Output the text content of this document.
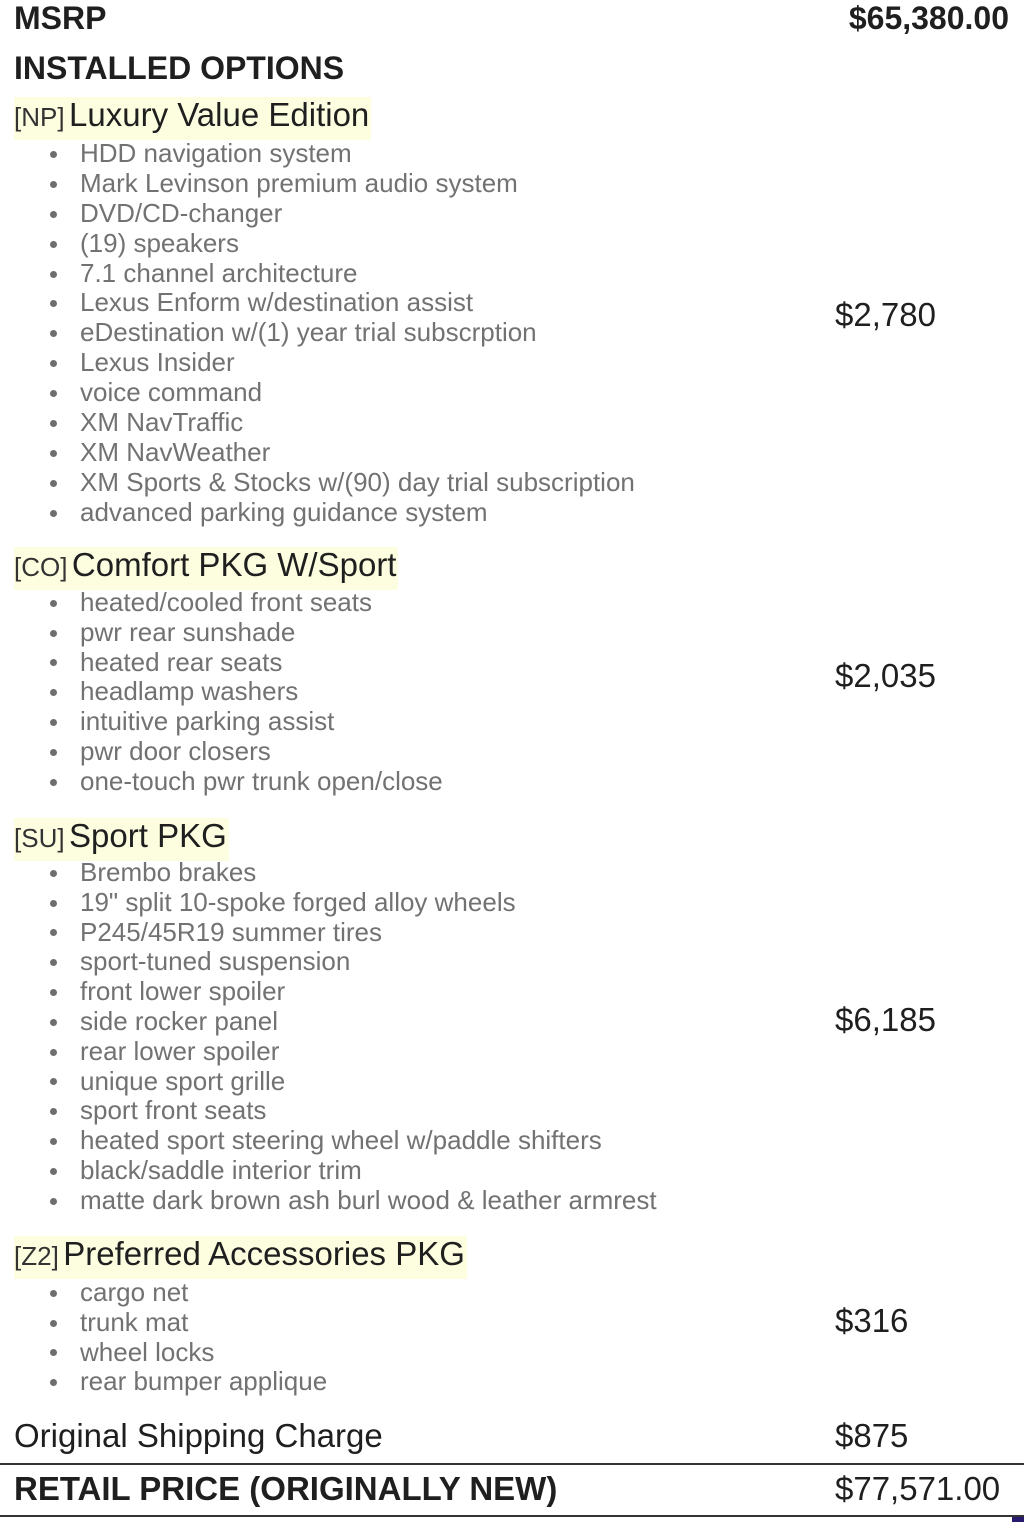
MSRP	$65,380.00
INSTALLED OPTIONS
[NP] Luxury Value Edition
HDD navigation system
Mark Levinson premium audio system
DVD/CD-changer
(19) speakers
7.1 channel architecture
Lexus Enform w/destination assist
eDestination w/(1) year trial subscrption
Lexus Insider
voice command
XM NavTraffic
XM NavWeather
XM Sports & Stocks w/(90) day trial subscription
advanced parking guidance system
$2,780
[CO] Comfort PKG W/Sport
heated/cooled front seats
pwr rear sunshade
heated rear seats
headlamp washers
intuitive parking assist
pwr door closers
one-touch pwr trunk open/close
$2,035
[SU] Sport PKG
Brembo brakes
19" split 10-spoke forged alloy wheels
P245/45R19 summer tires
sport-tuned suspension
front lower spoiler
side rocker panel
rear lower spoiler
unique sport grille
sport front seats
heated sport steering wheel w/paddle shifters
black/saddle interior trim
matte dark brown ash burl wood & leather armrest
$6,185
[Z2] Preferred Accessories PKG
cargo net
trunk mat
wheel locks
rear bumper applique
$316
Original Shipping Charge	$875
RETAIL PRICE (ORIGINALLY NEW)	$77,571.00
